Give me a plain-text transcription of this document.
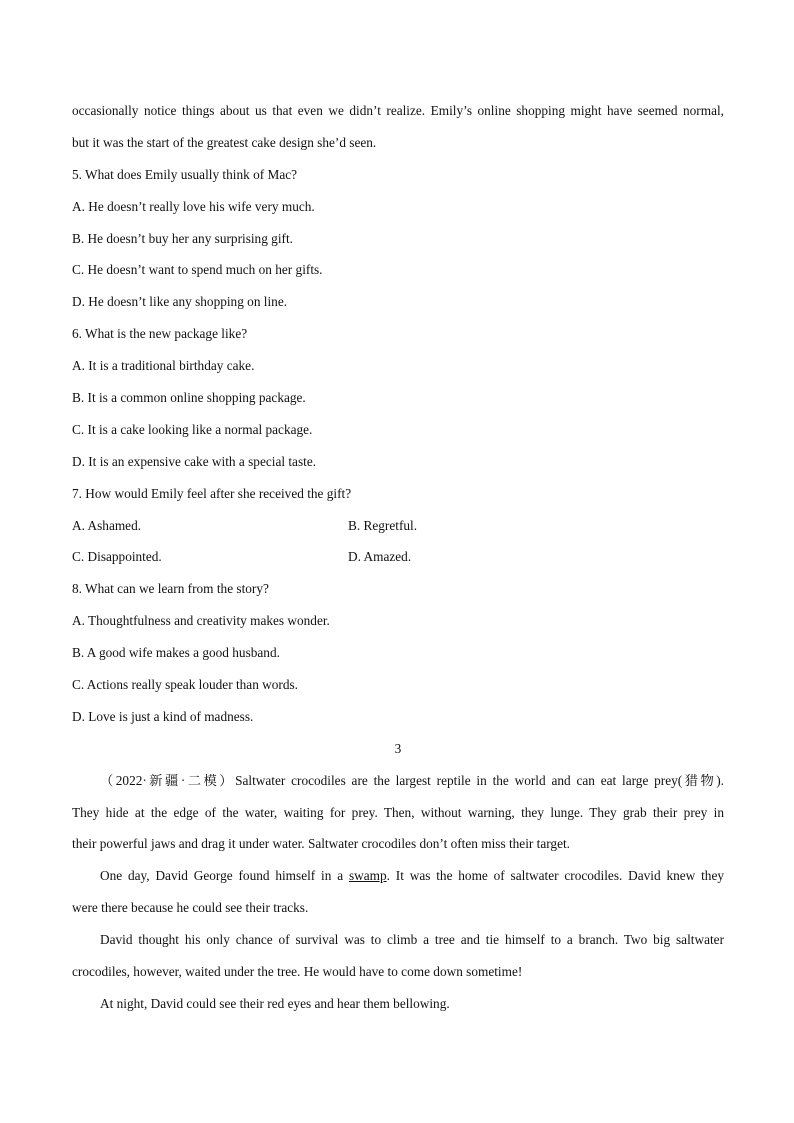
occasionally notice things about us that even we didn’t realize. Emily’s online shopping might have seemed normal,
but it was the start of the greatest cake design she’d seen.
5. What does Emily usually think of Mac?
A. He doesn’t really love his wife very much.
B. He doesn’t buy her any surprising gift.
C. He doesn’t want to spend much on her gifts.
D. He doesn’t like any shopping on line.
6. What is the new package like?
A. It is a traditional birthday cake.
B. It is a common online shopping package.
C. It is a cake looking like a normal package.
D. It is an expensive cake with a special taste.
7. How would Emily feel after she received the gift?
A. Ashamed.	B. Regretful.
C. Disappointed.	D. Amazed.
8. What can we learn from the story?
A. Thoughtfulness and creativity makes wonder.
B. A good wife makes a good husband.
C. Actions really speak louder than words.
D. Love is just a kind of madness.
3
（2022·新疆·二模）Saltwater crocodiles are the largest reptile in the world and can eat large prey(猎物).
They hide at the edge of the water, waiting for prey. Then, without warning, they lunge. They grab their prey in
their powerful jaws and drag it under water. Saltwater crocodiles don’t often miss their target.
One day, David George found himself in a swamp. It was the home of saltwater crocodiles. David knew they
were there because he could see their tracks.
David thought his only chance of survival was to climb a tree and tie himself to a branch. Two big saltwater
crocodiles, however, waited under the tree. He would have to come down sometime!
At night, David could see their red eyes and hear them bellowing.
